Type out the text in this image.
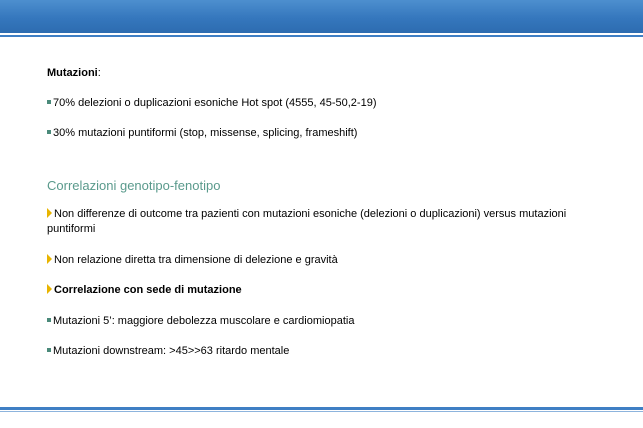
Mutazioni:
70% delezioni o duplicazioni esoniche Hot spot (4555, 45-50,2-19)
30% mutazioni puntiformi (stop, missense, splicing, frameshift)
Correlazioni genotipo-fenotipo
Non differenze di outcome tra pazienti con mutazioni esoniche (delezioni o duplicazioni) versus mutazioni puntiformi
Non relazione diretta tra dimensione di delezione e gravità
Correlazione con sede di mutazione
Mutazioni 5’: maggiore debolezza muscolare e cardiomiopatia
Mutazioni downstream: >45>>63 ritardo mentale
